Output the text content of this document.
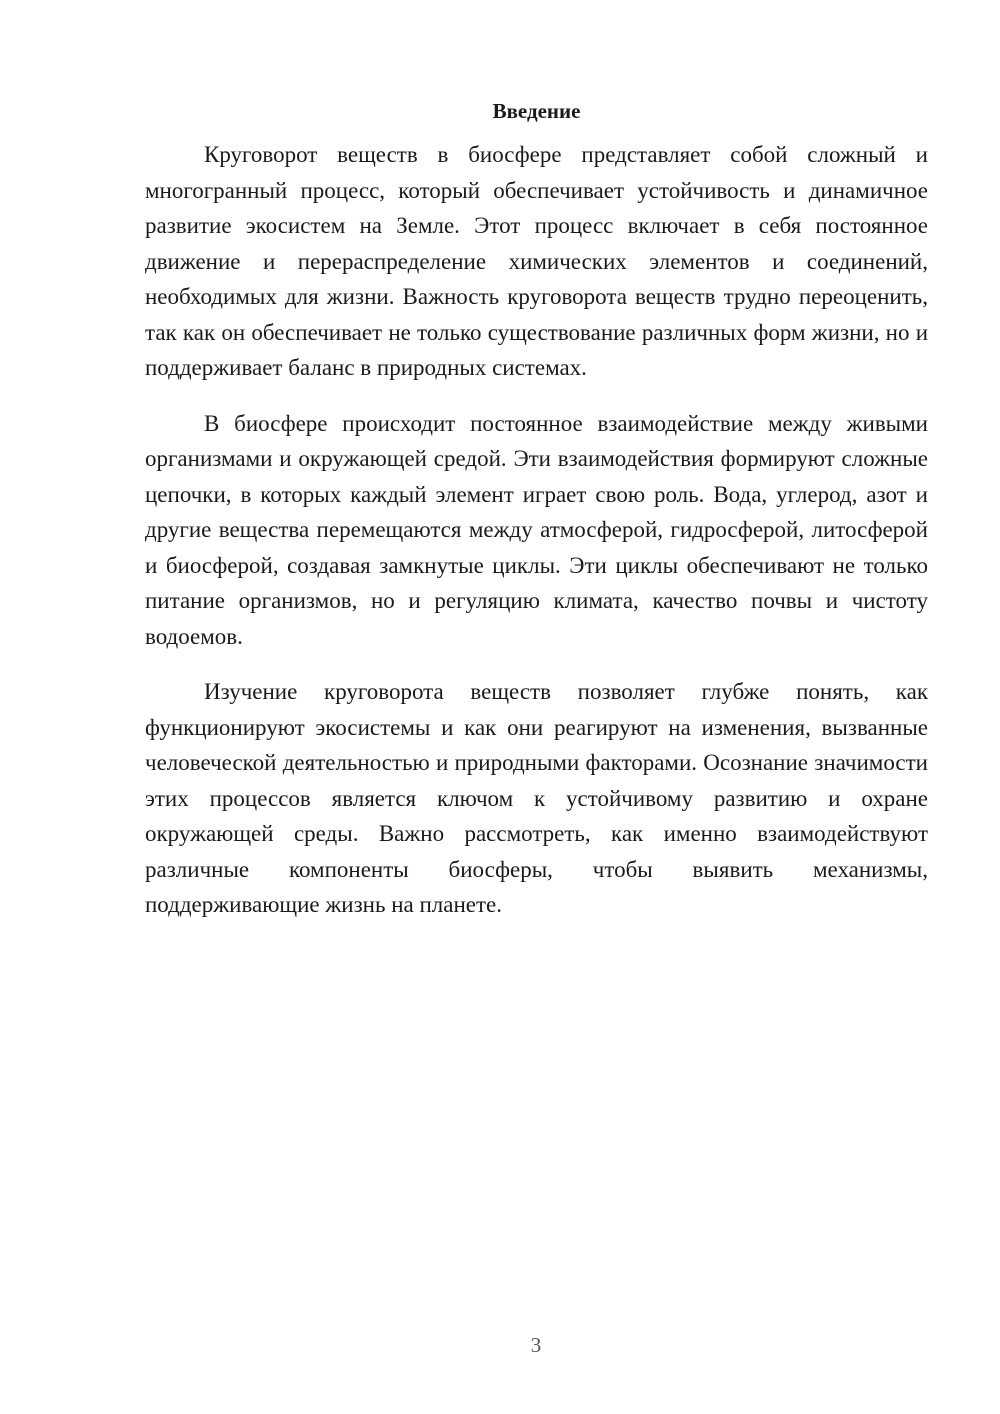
Введение

Круговорот веществ в биосфере представляет собой сложный и многогранный процесс, который обеспечивает устойчивость и динамичное развитие экосистем на Земле. Этот процесс включает в себя постоянное движение и перераспределение химических элементов и соединений, необходимых для жизни. Важность круговорота веществ трудно переоценить, так как он обеспечивает не только существование различных форм жизни, но и поддерживает баланс в природных системах.

В биосфере происходит постоянное взаимодействие между живыми организмами и окружающей средой. Эти взаимодействия формируют сложные цепочки, в которых каждый элемент играет свою роль. Вода, углерод, азот и другие вещества перемещаются между атмосферой, гидросферой, литосферой и биосферой, создавая замкнутые циклы. Эти циклы обеспечивают не только питание организмов, но и регуляцию климата, качество почвы и чистоту водоемов.

Изучение круговорота веществ позволяет глубже понять, как функционируют экосистемы и как они реагируют на изменения, вызванные человеческой деятельностью и природными факторами. Осознание значимости этих процессов является ключом к устойчивому развитию и охране окружающей среды. Важно рассмотреть, как именно взаимодействуют различные компоненты биосферы, чтобы выявить механизмы, поддерживающие жизнь на планете.

3
